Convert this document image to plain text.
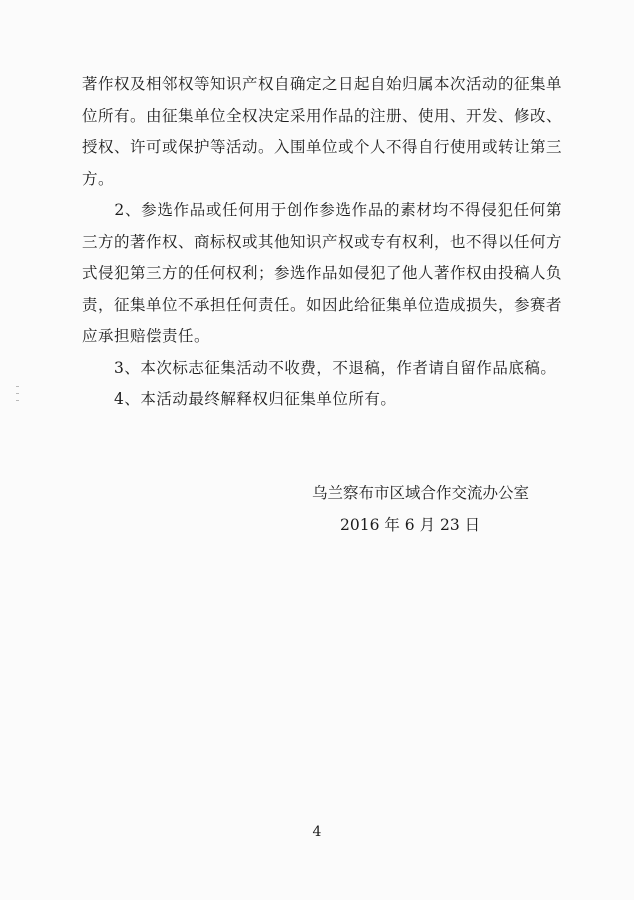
著作权及相邻权等知识产权自确定之日起自始归属本次活动的征集单位所有。由征集单位全权决定采用作品的注册、使用、开发、修改、授权、许可或保护等活动。入围单位或个人不得自行使用或转让第三方。

　　2、参选作品或任何用于创作参选作品的素材均不得侵犯任何第三方的著作权、商标权或其他知识产权或专有权利，也不得以任何方式侵犯第三方的任何权利；参选作品如侵犯了他人著作权由投稿人负责，征集单位不承担任何责任。如因此给征集单位造成损失，参赛者应承担赔偿责任。

　　3、本次标志征集活动不收费，不退稿，作者请自留作品底稿。

　　4、本活动最终解释权归征集单位所有。

乌兰察布市区域合作交流办公室
2016 年 6 月 23 日
4
